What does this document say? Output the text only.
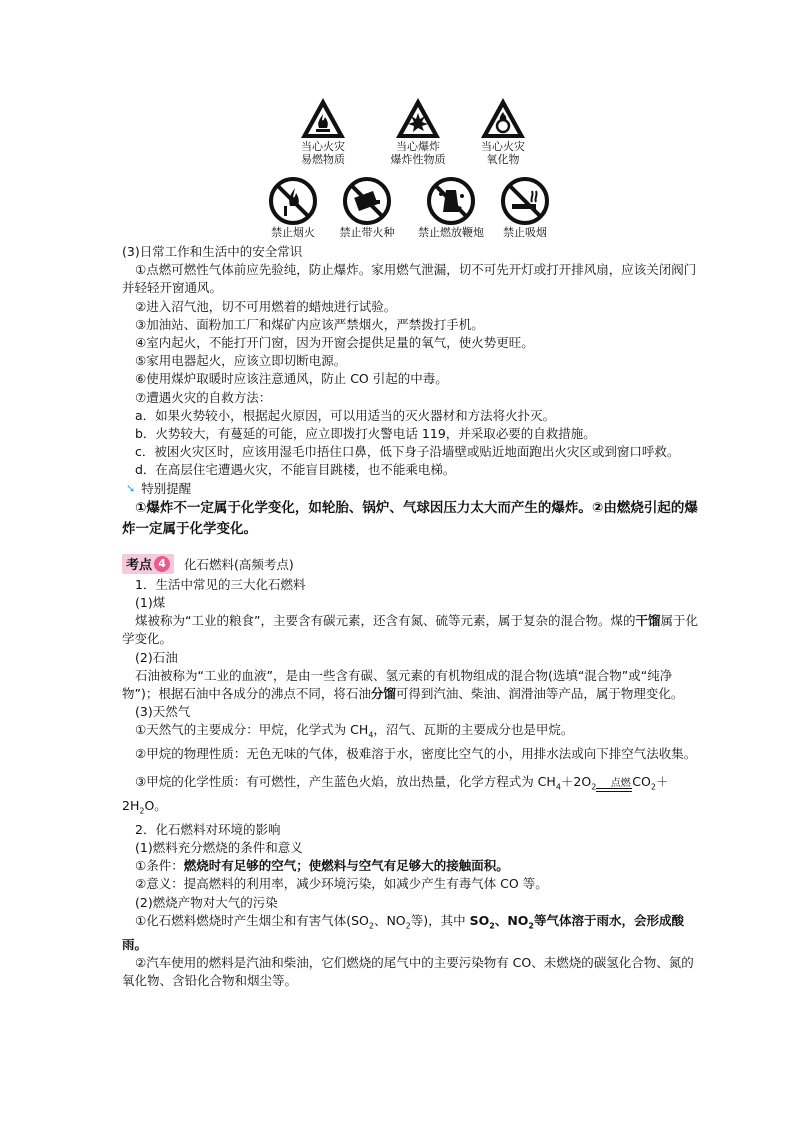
当心火灾
易燃物质
当心爆炸
爆炸性物质
当心火灾
氧化物
禁止烟火	禁止带火种	禁止燃放鞭炮	禁止吸烟

(3)日常工作和生活中的安全常识

①点燃可燃性气体前应先验纯，防止爆炸。家用燃气泄漏，切不可先开灯或打开排风扇，应该关闭阀门并轻轻开窗通风。

②进入沼气池，切不可用燃着的蜡烛进行试验。

③加油站、面粉加工厂和煤矿内应该严禁烟火，严禁拨打手机。

④室内起火，不能打开门窗，因为开窗会提供足量的氧气，使火势更旺。

⑤家用电器起火，应该立即切断电源。

⑥使用煤炉取暖时应该注意通风，防止 CO 引起的中毒。

⑦遭遇火灾的自救方法：

a．如果火势较小，根据起火原因，可以用适当的灭火器材和方法将火扑灭。

b．火势较大，有蔓延的可能，应立即拨打火警电话 119，并采取必要的自救措施。

c．被困火灾区时，应该用湿毛巾捂住口鼻，低下身子沿墙壁或贴近地面跑出火灾区或到窗口呼救。

d．在高层住宅遭遇火灾，不能盲目跳楼，也不能乘电梯。

➘ 特别提醒

①爆炸不一定属于化学变化，如轮胎、锅炉、气球因压力太大而产生的爆炸。②由燃烧引起的爆炸一定属于化学变化。

考点 4	化石燃料(高频考点)

1．生活中常见的三大化石燃料

(1)煤

煤被称为“工业的粮食”，主要含有碳元素，还含有氮、硫等元素，属于复杂的混合物。煤的干馏属于化学变化。

(2)石油

石油被称为“工业的血液”，是由一些含有碳、氢元素的有机物组成的混合物(选填“混合物”或“纯净物”)；根据石油中各成分的沸点不同，将石油分馏可得到汽油、柴油、润滑油等产品，属于物理变化。

(3)天然气

①天然气的主要成分：甲烷，化学式为 $CH_4$，沼气、瓦斯的主要成分也是甲烷。

②甲烷的物理性质：无色无味的气体，极难溶于水，密度比空气的小，用排水法或向下排空气法收集。

③甲烷的化学性质：有可燃性，产生蓝色火焰，放出热量，化学方程式为 $CH_4+2O_2$	点燃 $CO_2+2H_2O$。

2．化石燃料对环境的影响

(1)燃料充分燃烧的条件和意义

①条件：燃烧时有足够的空气；使燃料与空气有足够大的接触面积。

②意义：提高燃料的利用率，减少环境污染，如减少产生有毒气体 CO 等。

(2)燃烧产物对大气的污染

①化石燃料燃烧时产生烟尘和有害气体($SO_2$、$NO_2$等)，其中 $SO_2$、$NO_2$等气体溶于雨水，会形成酸雨。

②汽车使用的燃料是汽油和柴油，它们燃烧的尾气中的主要污染物有 CO、未燃烧的碳氢化合物、氮的氧化物、含铅化合物和烟尘等。
